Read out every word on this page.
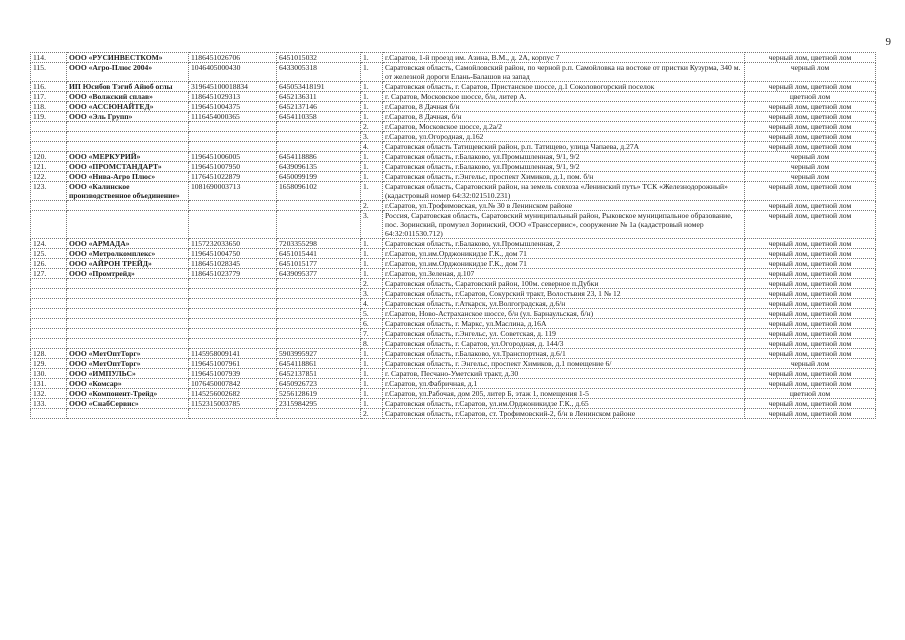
9
114.	ООО «РУСИНВЕСТКОМ»	1186451026706	6451015032	1.	г.Саратов, 1-й проезд им. Азина, В.М., д. 2А, корпус 7	черный лом, цветной лом
115.	ООО «Агро-Плюс 2004»	1046405000430	6433005318	1.	Саратовская область, Самойловский район, по черной р.п. Самойловка на востоке от пристки Кузурма, 340 м. от железной дороги Елань-Балашов на запад	черный лом
116.	ИП Юсибов Тэгиб Айюб оглы	319645100018834	645053418191	1.	Саратовская область, г. Саратов, Пристанское шоссе, д.1 Соколовогорский поселок	черный лом, цветной лом
117.	ООО «Волжский сплав»	1186451029313	6452136311	1.	г. Саратов, Московское шоссе, б/н, литер А.	цветной лом
118.	ООО «АССЮНАЙТЕД»	1196451004375	6452137146	1.	г.Саратов, 8 Дачная б/н	черный лом, цветной лом
119.	ООО «Эль Групп»	1116454000365	6454110358	1.	г.Саратов, 8 Дачная, б/н	черный лом, цветной лом
				2.	г.Саратов, Московское шоссе, д.2а/2	черный лом, цветной лом
				3.	г.Саратов, ул.Огородная, д.162	черный лом, цветной лом
				4.	Саратовская область Татищевский район, р.п. Татищево, улица Чапаева, д.27А	черный лом, цветной лом
120.	ООО «МЕРКУРИЙ»	1196451006005	6454118886	1.	Саратовская область, г.Балаково, ул.Промышленная, 9/1, 9/2	черный лом
121.	ООО «ПРОМСТАНДАРТ»	1196451007950	6439096135	1.	Саратовская область, г.Балаково, ул.Промышленная, 9/1, 9/2	черный лом
122.	ООО «Нива-Агро Плюс»	1176451022879	6450099199	1.	Саратовская область, г.Энгельс, проспект Химиков, д.1, пом. б/н	черный лом
123.	ООО «Калинское производственное объединение»	1081690003713	1658096102	1.	Саратовская область, Саратовский район, на земель совхоза «Ленинский путь» ТСК «Железнодорожный» (кадастровый номер 64:32:021510.231)	черный лом, цветной лом
				2.	г.Саратов, ул.Трофимовская, ул.№ 30 в Ленинском районе	черный лом, цветной лом
				3.	Россия, Саратовская область, Саратовский муниципальный район, Рыковское муниципальное образование, пос. Зоринский, промузел Зоринский, ООО «Транссервис», сооружение № 1а (кадастровый номер 64:32:011530.712)	черный лом, цветной лом
124.	ООО «АРМАДА»	1157232033650	7203355298	1.	Саратовская область, г.Балаково, ул.Промышленная, 2	черный лом, цветной лом
125.	ООО «Метролкомплекс»	1196451004750	6451015441	1.	г.Саратов, ул.им.Орджоникидзе Г.К., дом 71	черный лом, цветной лом
126.	ООО «АЙРОН ТРЕЙД»	1186451028345	6451015177	1.	г.Саратов, ул.им.Орджоникидзе Г.К., дом 71	черный лом, цветной лом
127.	ООО «Промтрейд»	1186451023779	6439095377	1.	г.Саратов, ул.Зеленая, д.107	черный лом, цветной лом
				2.	Саратовская область, Саратовский район, 100м. северное п.Дубки	черный лом, цветной лом
				3.	Саратовская область, г.Саратов, Сокурский тракт, Волостьвия 23, 1 № 12	черный лом, цветной лом
				4.	Саратовская область, г.Аткарск, ул.Волгоградская, д.6/н	черный лом, цветной лом
				5.	г.Саратов, Ново-Астраханское шоссе, б/н (ул. Барнаульская, б/н)	черный лом, цветной лом
				6.	Саратовская область, г. Маркс, ул.Маслина, д.16А	черный лом, цветной лом
				7.	Саратовская область, г.Энгельс, ул. Советская, д. 119	черный лом, цветной лом
				8.	Саратовская область, г. Саратов, ул.Огородная, д. 144/3	черный лом, цветной лом
128.	ООО «МетОптТорг»	1145958009141	5903995927	1.	Саратовская область, г.Балаково, ул.Транспортная, д.6/1	черный лом, цветной лом
129.	ООО «МетОптТорг»	1196451007961	6454118861	1.	Саратовская область, г. Энгельс, проспект Химиков, д.1 помещение 6/	черный лом
130.	ООО «ИМПУЛЬС»	1196451007939	6452137851	1.	г. Саратов, Песчано-Уметский тракт, д.30	черный лом, цветной лом
131.	ООО «Комсар»	1076450007842	6450926723	1.	г.Саратов, ул.Фабричная, д.1	черный лом, цветной лом
132.	ООО «Компонент-Трейд»	1145256002682	5256128619	1.	г.Саратов, ул.Рабочая, дом 205, литер Б, этаж 1, помещения 1-5	цветной лом
133.	ООО «СнабСервис»	1152315003785	2315984295	1.	Саратовская область, г.Саратов, ул.им.Орджоникидзе Г.К., д.65	черный лом, цветной лом
				2.	Саратовская область, г.Саратов, ст. Трофимовский-2, б/н в Ленинском районе	черный лом, цветной лом
